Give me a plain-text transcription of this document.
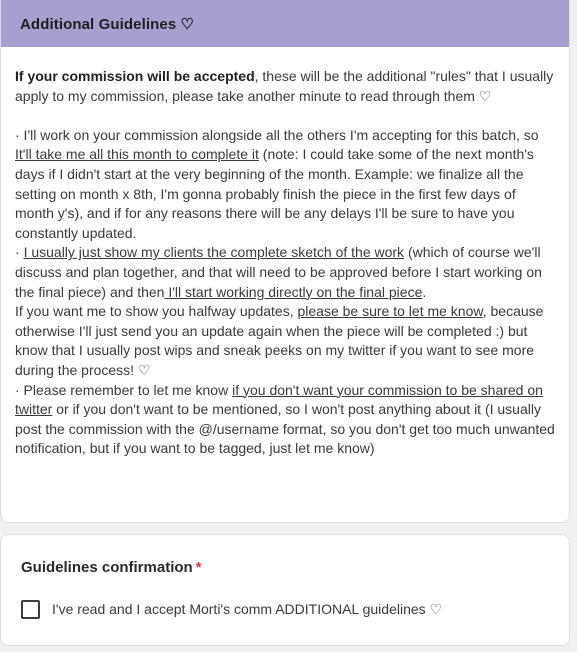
Additional Guidelines ♡

If your commission will be accepted, these will be the additional "rules" that I usually apply to my commission, please take another minute to read through them ♡

· I'll work on your commission alongside all the others I'm accepting for this batch, so It'll take me all this month to complete it (note: I could take some of the next month's days if I didn't start at the very beginning of the month. Example: we finalize all the setting on month x 8th, I'm gonna probably finish the piece in the first few days of month y's), and if for any reasons there will be any delays I'll be sure to have you constantly updated.

· I usually just show my clients the complete sketch of the work (which of course we'll discuss and plan together, and that will need to be approved before I start working on the final piece) and then I'll start working directly on the final piece.

If you want me to show you halfway updates, please be sure to let me know, because otherwise I'll just send you an update again when the piece will be completed :) but know that I usually post wips and sneak peeks on my twitter if you want to see more during the process! ♡

· Please remember to let me know if you don't want your commission to be shared on twitter or if you don't want to be mentioned, so I won't post anything about it (I usually post the commission with the @/username format, so you don't get too much unwanted notification, but if you want to be tagged, just let me know)

Guidelines confirmation *
I've read and I accept Morti's comm ADDITIONAL guidelines ♡
